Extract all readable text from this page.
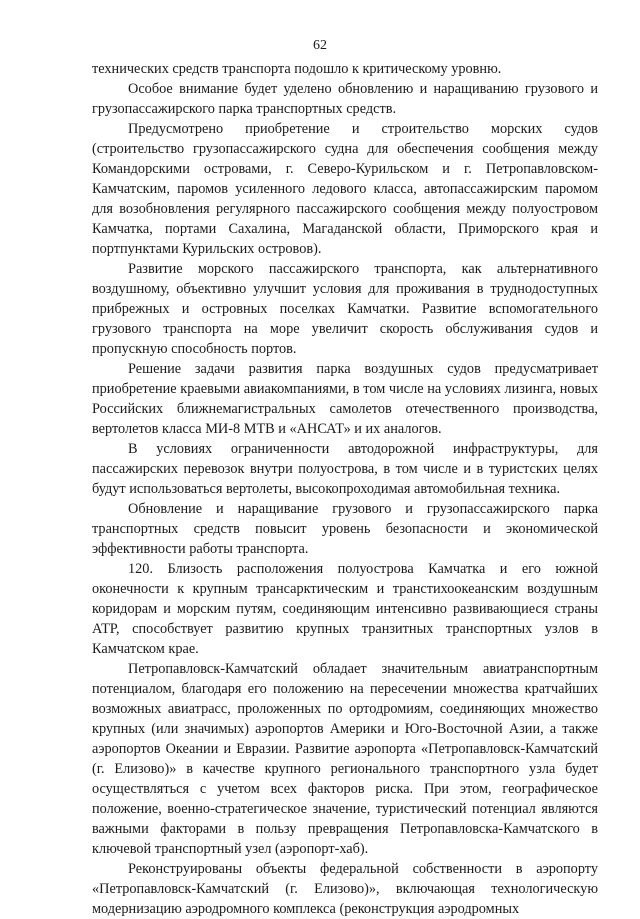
62

технических средств транспорта подошло к критическому уровню.

Особое внимание будет уделено обновлению и наращиванию грузового и грузопассажирского парка транспортных средств.

Предусмотрено приобретение и строительство морских судов (строительство грузопассажирского судна для обеспечения сообщения между Командорскими островами, г. Северо-Курильском и г. Петропавловском-Камчатским, паромов усиленного ледового класса, автопассажирским паромом для возобновления регулярного пассажирского сообщения между полуостровом Камчатка, портами Сахалина, Магаданской области, Приморского края и портпунктами Курильских островов).

Развитие морского пассажирского транспорта, как альтернативного воздушному, объективно улучшит условия для проживания в труднодоступных прибрежных и островных поселках Камчатки. Развитие вспомогательного грузового транспорта на море увеличит скорость обслуживания судов и пропускную способность портов.

Решение задачи развития парка воздушных судов предусматривает приобретение краевыми авиакомпаниями, в том числе на условиях лизинга, новых Российских ближнемагистральных самолетов отечественного производства, вертолетов класса МИ-8 МТВ и «АНСАТ» и их аналогов.

В условиях ограниченности автодорожной инфраструктуры, для пассажирских перевозок внутри полуострова, в том числе и в туристских целях будут использоваться вертолеты, высокопроходимая автомобильная техника.

Обновление и наращивание грузового и грузопассажирского парка транспортных средств повысит уровень безопасности и экономической эффективности работы транспорта.

120. Близость расположения полуострова Камчатка и его южной оконечности к крупным трансарктическим и транстихоокеанским воздушным коридорам и морским путям, соединяющим интенсивно развивающиеся страны АТР, способствует развитию крупных транзитных транспортных узлов в Камчатском крае.

Петропавловск-Камчатский обладает значительным авиатранспортным потенциалом, благодаря его положению на пересечении множества кратчайших возможных авиатрасс, проложенных по ортодромиям, соединяющих множество крупных (или значимых) аэропортов Америки и Юго-Восточной Азии, а также аэропортов Океании и Евразии. Развитие аэропорта «Петропавловск-Камчатский (г. Елизово)» в качестве крупного регионального транспортного узла будет осуществляться с учетом всех факторов риска. При этом, географическое положение, военно-стратегическое значение, туристический потенциал являются важными факторами в пользу превращения Петропавловска-Камчатского в ключевой транспортный узел (аэропорт-хаб).

Реконструированы объекты федеральной собственности в аэропорту «Петропавловск-Камчатский (г. Елизово)», включающая технологическую модернизацию аэродромного комплекса (реконструкция аэродромных
